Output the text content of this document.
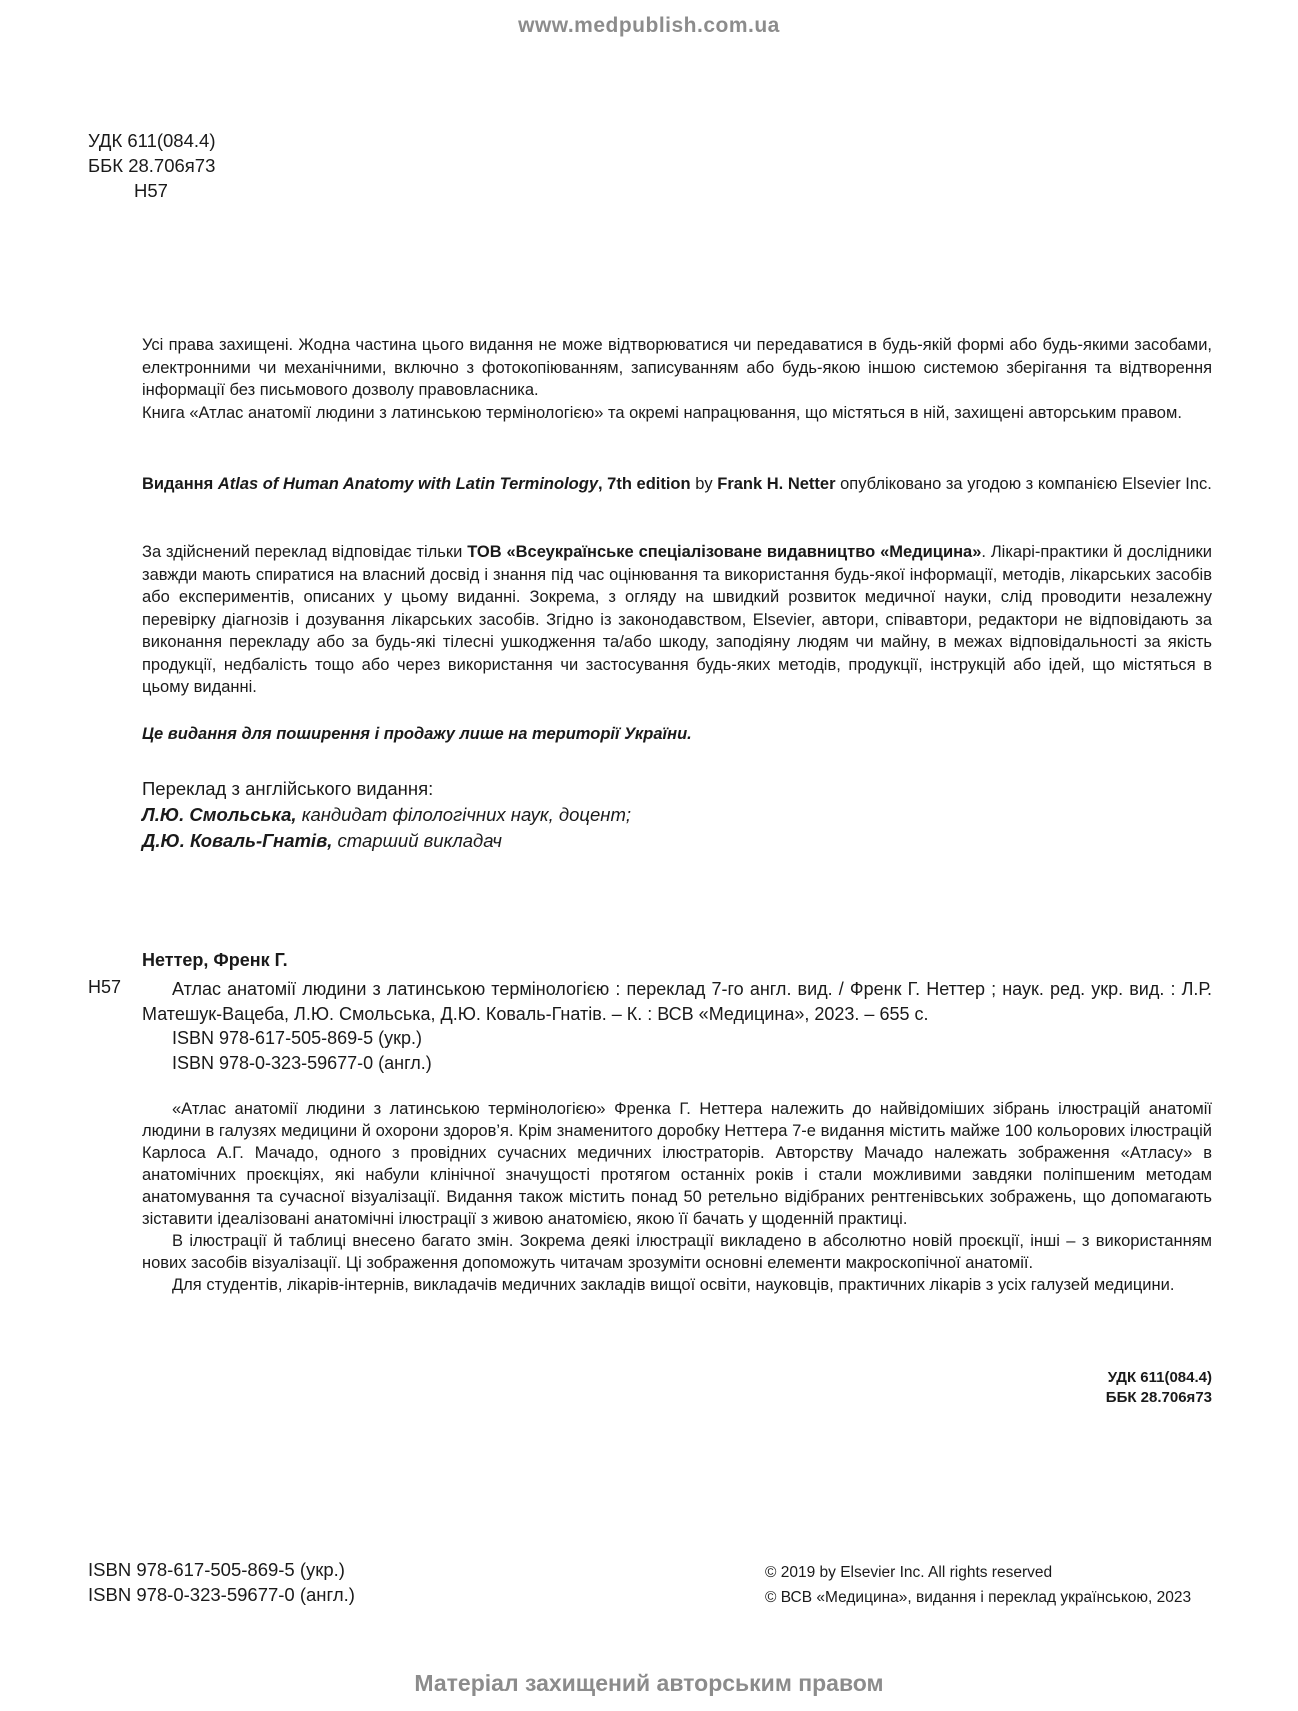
www.medpublish.com.ua
УДК 611(084.4)
ББК 28.706я73
Н57
Усі права захищені. Жодна частина цього видання не може відтворюватися чи передаватися в будь-якій формі або будь-якими засобами, електронними чи механічними, включно з фотокопіюванням, записуванням або будь-якою іншою системою зберігання та відтворення інформації без письмового дозволу правовласника.
Книга «Атлас анатомії людини з латинською термінологією» та окремі напрацювання, що містяться в ній, захищені авторським правом.
Видання Atlas of Human Anatomy with Latin Terminology, 7th edition by Frank H. Netter опубліковано за угодою з компанією Elsevier Inc.
За здійснений переклад відповідає тільки ТОВ «Всеукраїнське спеціалізоване видавництво «Медицина». Лікарі-практики й дослідники завжди мають спиратися на власний досвід і знання під час оцінювання та використання будь-якої інформації, методів, лікарських засобів або експериментів, описаних у цьому виданні. Зокрема, з огляду на швидкий розвиток медичної науки, слід проводити незалежну перевірку діагнозів і дозування лікарських засобів. Згідно із законодавством, Elsevier, автори, співавтори, редактори не відповідають за виконання перекладу або за будь-які тілесні ушкодження та/або шкоду, заподіяну людям чи майну, в межах відповідальності за якість продукції, недбалість тощо або через використання чи застосування будь-яких методів, продукції, інструкцій або ідей, що містяться в цьому виданні.
Це видання для поширення і продажу лише на території України.
Переклад з англійського видання:
Л.Ю. Смольська, кандидат філологічних наук, доцент;
Д.Ю. Коваль-Гнатів, старший викладач
Неттер, Френк Г.
Н57	Атлас анатомії людини з латинською термінологією : переклад 7-го англ. вид. / Френк Г. Неттер ; наук. ред. укр. вид. : Л.Р. Матешук-Вацеба, Л.Ю. Смольська, Д.Ю. Коваль-Гнатів. – К. : ВСВ «Медицина», 2023. – 655 с.
ISBN 978-617-505-869-5 (укр.)
ISBN 978-0-323-59677-0 (англ.)

«Атлас анатомії людини з латинською термінологією» Френка Г. Неттера належить до найвідоміших зібрань ілюстрацій анатомії людини в галузях медицини й охорони здоров’я. Крім знаменитого доробку Неттера 7-е видання містить майже 100 кольорових ілюстрацій Карлоса А.Г. Мачадо, одного з провідних сучасних медичних ілюстраторів. Авторству Мачадо належать зображення «Атласу» в анатомічних проєкціях, які набули клінічної значущості протягом останніх років і стали можливими завдяки поліпшеним методам анатомування та сучасної візуалізації. Видання також містить понад 50 ретельно відібраних рентгенівських зображень, що допомагають зіставити ідеалізовані анатомічні ілюстрації з живою анатомією, якою її бачать у щоденній практиці.

В ілюстрації й таблиці внесено багато змін. Зокрема деякі ілюстрації викладено в абсолютно новій проєкції, інші – з використанням нових засобів візуалізації. Ці зображення допоможуть читачам зрозуміти основні елементи макроскопічної анатомії.

Для студентів, лікарів-інтернів, викладачів медичних закладів вищої освіти, науковців, практичних лікарів з усіх галузей медицини.

УДК 611(084.4)
ББК 28.706я73
ISBN 978-617-505-869-5 (укр.)
ISBN 978-0-323-59677-0 (англ.)
© 2019 by Elsevier Inc. All rights reserved
© ВСВ «Медицина», видання і переклад українською, 2023
Матеріал захищений авторським правом
